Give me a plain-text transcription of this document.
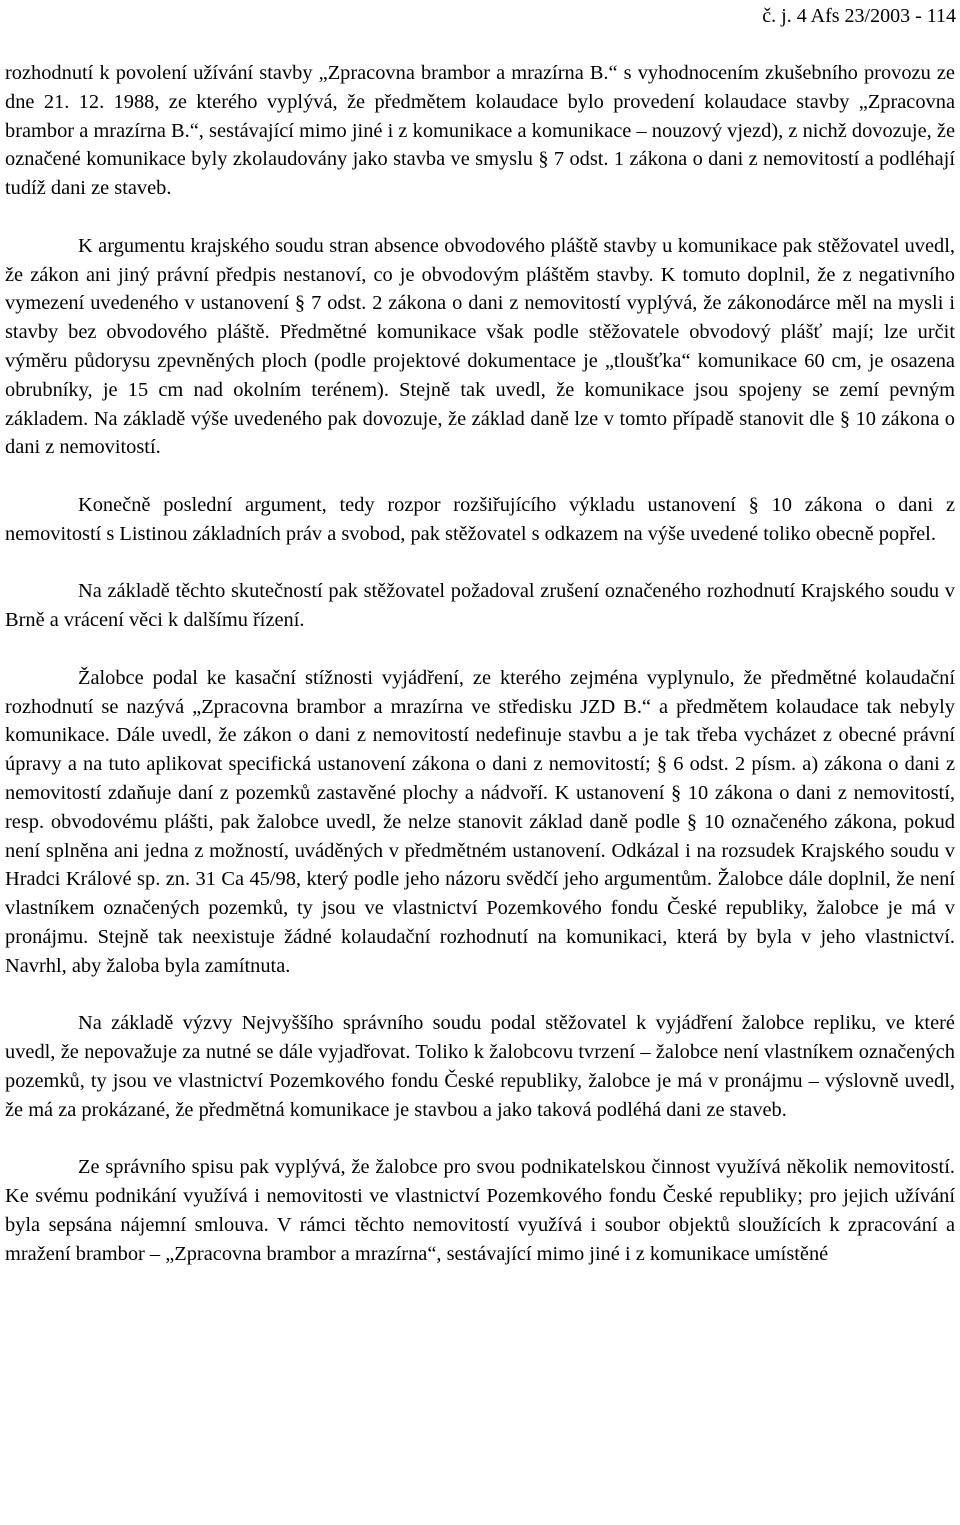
č. j. 4 Afs 23/2003 - 114

rozhodnutí k povolení užívání stavby „Zpracovna brambor a mrazírna B.“ s vyhodnocením zkušebního provozu ze dne 21. 12. 1988, ze kterého vyplývá, že předmětem kolaudace bylo provedení kolaudace stavby „Zpracovna brambor a mrazírna B.“, sestávající mimo jiné i z komunikace a komunikace – nouzový vjezd), z nichž dovozuje, že označené komunikace byly zkolaudovány jako stavba ve smyslu § 7 odst. 1 zákona o dani z nemovitostí a podléhají tudíž dani ze staveb.

K argumentu krajského soudu stran absence obvodového pláště stavby u komunikace pak stěžovatel uvedl, že zákon ani jiný právní předpis nestanoví, co je obvodovým pláštěm stavby. K tomuto doplnil, že z negativního vymezení uvedeného v ustanovení § 7 odst. 2 zákona o dani z nemovitostí vyplývá, že zákonodárce měl na mysli i stavby bez obvodového pláště. Předmětné komunikace však podle stěžovatele obvodový plášť mají; lze určit výměru půdorysu zpevněných ploch (podle projektové dokumentace je „tloušťka“ komunikace 60 cm, je osazena obrubníky, je 15 cm nad okolním terénem). Stejně tak uvedl, že komunikace jsou spojeny se zemí pevným základem. Na základě výše uvedeného pak dovozuje, že základ daně lze v tomto případě stanovit dle § 10 zákona o dani z nemovitostí.

Konečně poslední argument, tedy rozpor rozšiřujícího výkladu ustanovení § 10 zákona o dani z nemovitostí s Listinou základních práv a svobod, pak stěžovatel s odkazem na výše uvedené toliko obecně popřel.

Na základě těchto skutečností pak stěžovatel požadoval zrušení označeného rozhodnutí Krajského soudu v Brně a vrácení věci k dalšímu řízení.

Žalobce podal ke kasační stížnosti vyjádření, ze kterého zejména vyplynulo, že předmětné kolaudační rozhodnutí se nazývá „Zpracovna brambor a mrazírna ve středisku JZD B.“ a předmětem kolaudace tak nebyly komunikace. Dále uvedl, že zákon o dani z nemovitostí nedefinuje stavbu a je tak třeba vycházet z obecné právní úpravy a na tuto aplikovat specifická ustanovení zákona o dani z nemovitostí; § 6 odst. 2 písm. a) zákona o dani z nemovitostí zdaňuje daní z pozemků zastavěné plochy a nádvoří. K ustanovení § 10 zákona o dani z nemovitostí, resp. obvodovému plášti, pak žalobce uvedl, že nelze stanovit základ daně podle § 10 označeného zákona, pokud není splněna ani jedna z možností, uváděných v předmětném ustanovení. Odkázal i na rozsudek Krajského soudu v Hradci Králové sp. zn. 31 Ca 45/98, který podle jeho názoru svědčí jeho argumentům. Žalobce dále doplnil, že není vlastníkem označených pozemků, ty jsou ve vlastnictví Pozemkového fondu České republiky, žalobce je má v pronájmu. Stejně tak neexistuje žádné kolaudační rozhodnutí na komunikaci, která by byla v jeho vlastnictví. Navrhl, aby žaloba byla zamítnuta.

Na základě výzvy Nejvyššího správního soudu podal stěžovatel k vyjádření žalobce repliku, ve které uvedl, že nepovažuje za nutné se dále vyjadřovat. Toliko k žalobcovu tvrzení – žalobce není vlastníkem označených pozemků, ty jsou ve vlastnictví Pozemkového fondu České republiky, žalobce je má v pronájmu – výslovně uvedl, že má za prokázané, že předmětná komunikace je stavbou a jako taková podléhá dani ze staveb.

Ze správního spisu pak vyplývá, že žalobce pro svou podnikatelskou činnost využívá několik nemovitostí. Ke svému podnikání využívá i nemovitosti ve vlastnictví Pozemkového fondu České republiky; pro jejich užívání byla sepsána nájemní smlouva. V rámci těchto nemovitostí využívá i soubor objektů sloužících k zpracování a mražení brambor – „Zpracovna brambor a mrazírna“, sestávající mimo jiné i z komunikace umístěné
